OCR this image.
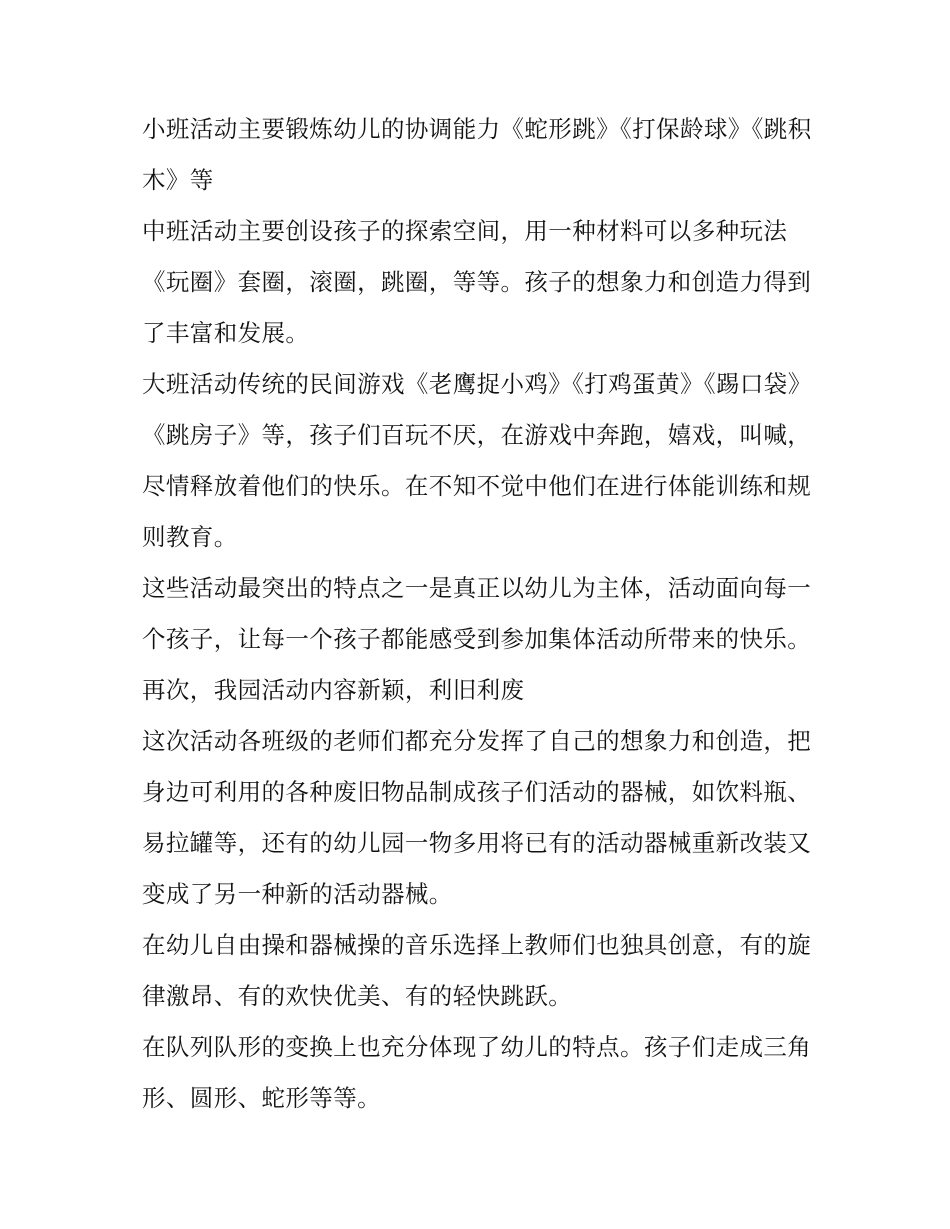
小班活动主要锻炼幼儿的协调能力《蛇形跳》《打保龄球》《跳积木》等

中班活动主要创设孩子的探索空间，用一种材料可以多种玩法《玩圈》套圈，滚圈，跳圈，等等。孩子的想象力和创造力得到了丰富和发展。

大班活动传统的民间游戏《老鹰捉小鸡》《打鸡蛋黄》《踢口袋》《跳房子》等，孩子们百玩不厌，在游戏中奔跑，嬉戏，叫喊，尽情释放着他们的快乐。在不知不觉中他们在进行体能训练和规则教育。

这些活动最突出的特点之一是真正以幼儿为主体，活动面向每一个孩子，让每一个孩子都能感受到参加集体活动所带来的快乐。 再次，我园活动内容新颖，利旧利废

这次活动各班级的老师们都充分发挥了自己的想象力和创造，把身边可利用的各种废旧物品制成孩子们活动的器械，如饮料瓶、易拉罐等，还有的幼儿园一物多用将已有的活动器械重新改装又变成了另一种新的活动器械。

在幼儿自由操和器械操的音乐选择上教师们也独具创意，有的旋律激昂、有的欢快优美、有的轻快跳跃。

在队列队形的变换上也充分体现了幼儿的特点。孩子们走成三角形、圆形、蛇形等等。
